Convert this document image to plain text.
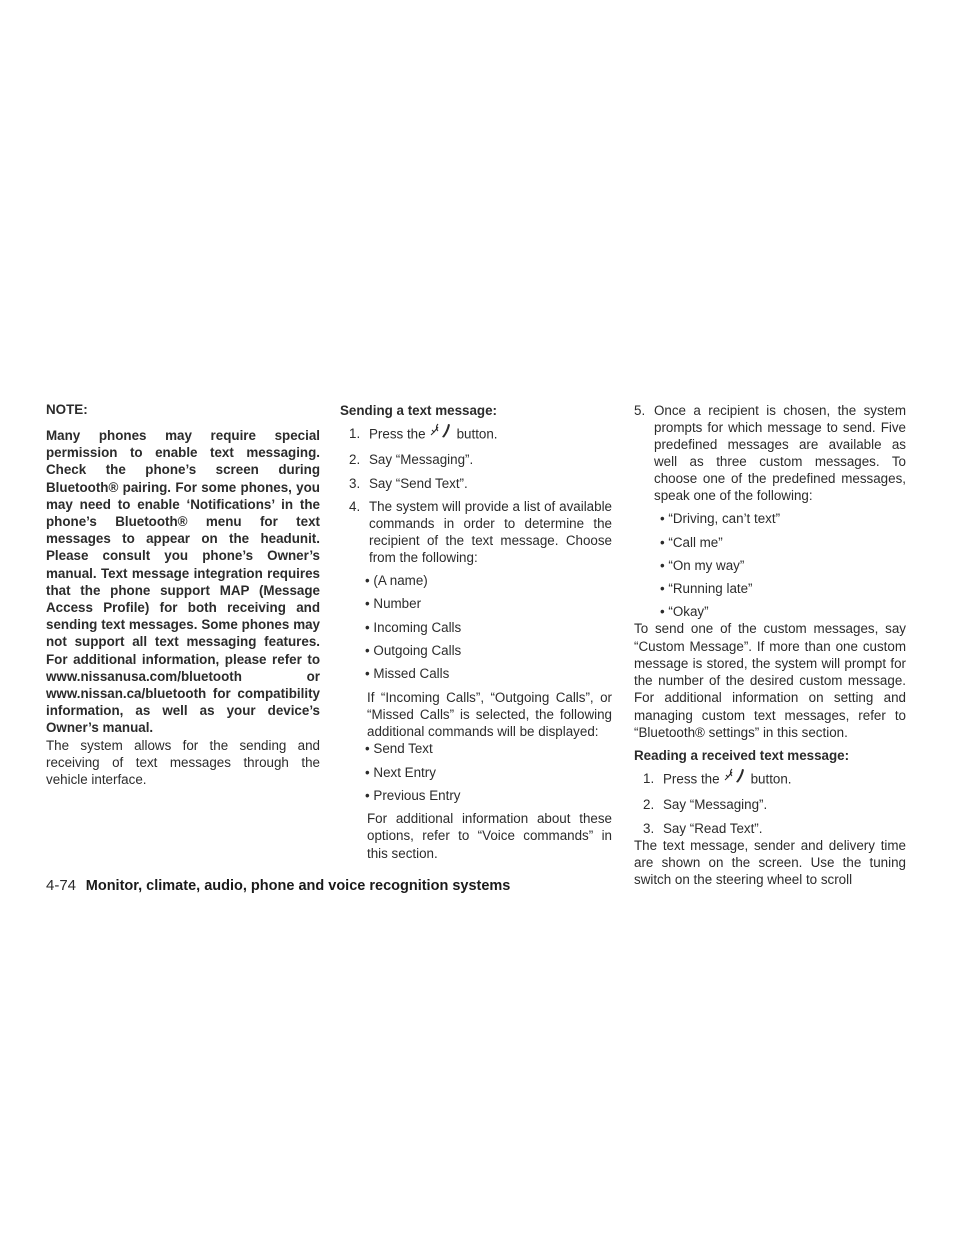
NOTE:

Many phones may require special permission to enable text messaging. Check the phone’s screen during Bluetooth® pairing. For some phones, you may need to enable ‘Notifications’ in the phone’s Bluetooth® menu for text messages to appear on the headunit. Please consult you phone’s Owner’s manual. Text message integration requires that the phone support MAP (Message Access Profile) for both receiving and sending text messages. Some phones may not support all text messaging features. For additional information, please refer to www.nissanusa.com/bluetooth or www.nissan.ca/bluetooth for compatibility information, as well as your device’s Owner’s manual.

The system allows for the sending and receiving of text messages through the vehicle interface.

Sending a text message:

1. Press the button.
2. Say “Messaging”.
3. Say “Send Text”.
4. The system will provide a list of available commands in order to determine the recipient of the text message. Choose from the following:
• (A name)
• Number
• Incoming Calls
• Outgoing Calls
• Missed Calls

If “Incoming Calls”, “Outgoing Calls”, or “Missed Calls” is selected, the following additional commands will be displayed:

• Send Text
• Next Entry
• Previous Entry

For additional information about these options, refer to “Voice commands” in this section.

5. Once a recipient is chosen, the system prompts for which message to send. Five predefined messages are available as well as three custom messages. To choose one of the predefined messages, speak one of the following:
• “Driving, can’t text”
• “Call me”
• “On my way”
• “Running late”
• “Okay”

To send one of the custom messages, say “Custom Message”. If more than one custom message is stored, the system will prompt for the number of the desired custom message. For additional information on setting and managing custom text messages, refer to “Bluetooth® settings” in this section.

Reading a received text message:

1. Press the button.
2. Say “Messaging”.
3. Say “Read Text”.

The text message, sender and delivery time are shown on the screen. Use the tuning switch on the steering wheel to scroll

4-74 Monitor, climate, audio, phone and voice recognition systems
